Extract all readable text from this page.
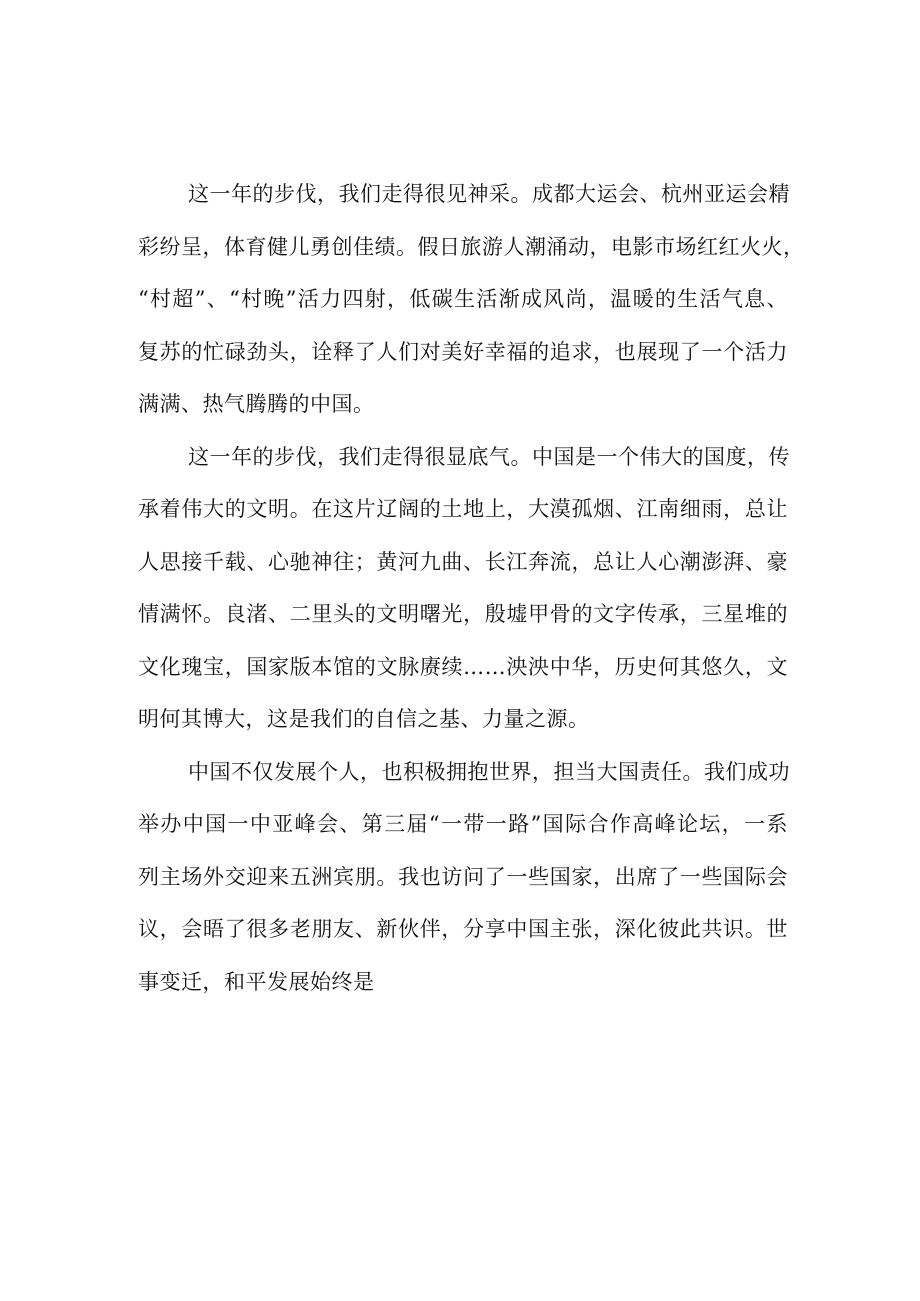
这一年的步伐，我们走得很见神采。成都大运会、杭州亚运会精
彩纷呈，体育健儿勇创佳绩。假日旅游人潮涌动，电影市场红红火火，
“村超”、“村晚”活力四射，低碳生活渐成风尚，温暖的生活气息、
复苏的忙碌劲头，诠释了人们对美好幸福的追求，也展现了一个活力
满满、热气腾腾的中国。
这一年的步伐，我们走得很显底气。中国是一个伟大的国度，传
承着伟大的文明。在这片辽阔的土地上，大漠孤烟、江南细雨，总让
人思接千载、心驰神往；黄河九曲、长江奔流，总让人心潮澎湃、豪
情满怀。良渚、二里头的文明曙光，殷墟甲骨的文字传承，三星堆的
文化瑰宝，国家版本馆的文脉赓续……泱泱中华，历史何其悠久，文
明何其博大，这是我们的自信之基、力量之源。
中国不仅发展个人，也积极拥抱世界，担当大国责任。我们成功
举办中国一中亚峰会、第三届“一带一路”国际合作高峰论坛，一系
列主场外交迎来五洲宾朋。我也访问了一些国家，出席了一些国际会
议，会晤了很多老朋友、新伙伴，分享中国主张，深化彼此共识。世
事变迁，和平发展始终是
